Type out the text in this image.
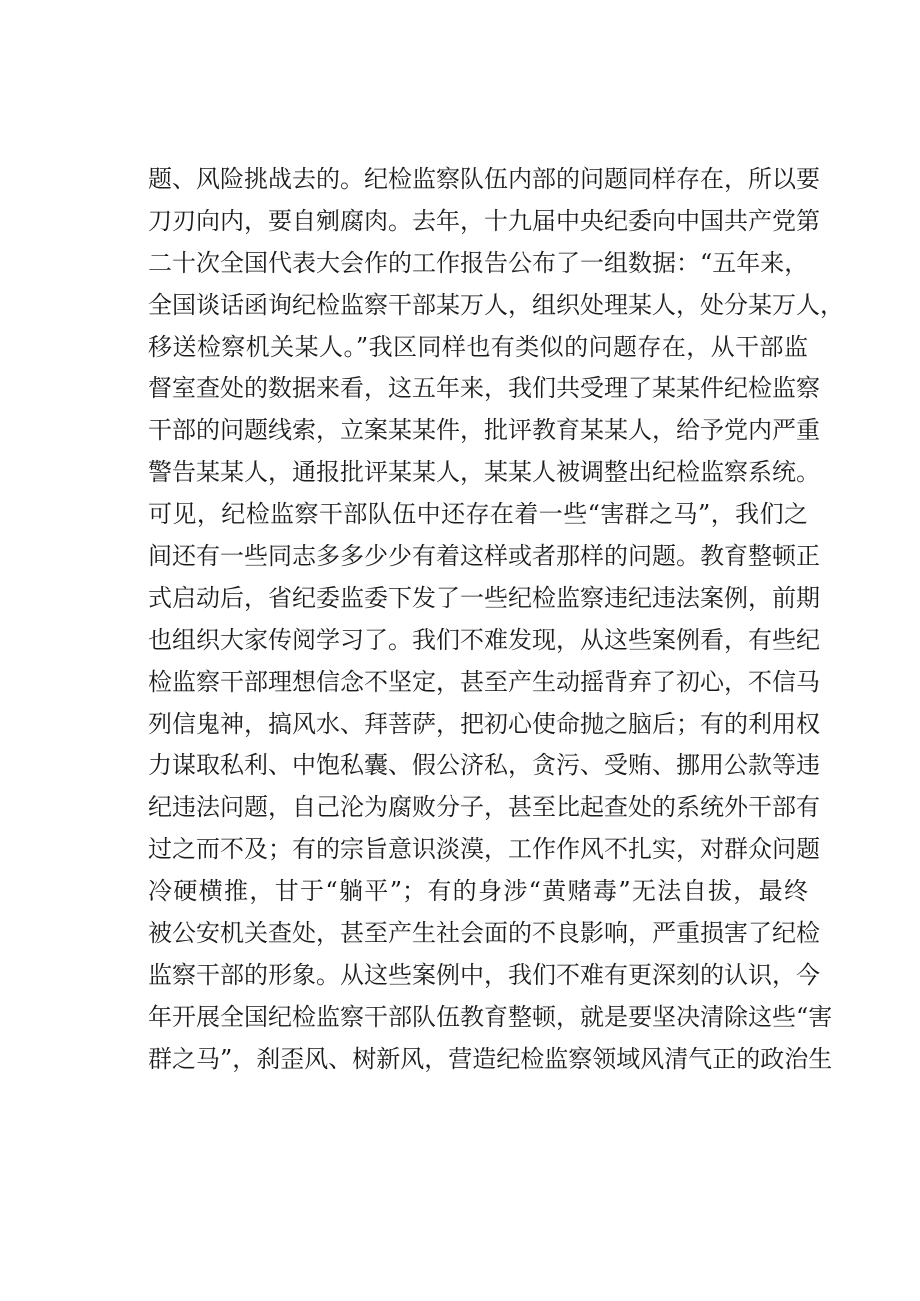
题、风险挑战去的。纪检监察队伍内部的问题同样存在，所以要
刀刃向内，要自剜腐肉。去年，十九届中央纪委向中国共产党第
二十次全国代表大会作的工作报告公布了一组数据：“五年来，
全国谈话函询纪检监察干部某万人，组织处理某人，处分某万人，
移送检察机关某人。”我区同样也有类似的问题存在，从干部监
督室查处的数据来看，这五年来，我们共受理了某某件纪检监察
干部的问题线索，立案某某件，批评教育某某人，给予党内严重
警告某某人，通报批评某某人，某某人被调整出纪检监察系统。
可见，纪检监察干部队伍中还存在着一些“害群之马”，我们之
间还有一些同志多多少少有着这样或者那样的问题。教育整顿正
式启动后，省纪委监委下发了一些纪检监察违纪违法案例，前期
也组织大家传阅学习了。我们不难发现，从这些案例看，有些纪
检监察干部理想信念不坚定，甚至产生动摇背弃了初心，不信马
列信鬼神，搞风水、拜菩萨，把初心使命抛之脑后；有的利用权
力谋取私利、中饱私囊、假公济私，贪污、受贿、挪用公款等违
纪违法问题，自己沦为腐败分子，甚至比起查处的系统外干部有
过之而不及；有的宗旨意识淡漠，工作作风不扎实，对群众问题
冷硬横推，甘于“躺平”；有的身涉“黄赌毒”无法自拔，最终
被公安机关查处，甚至产生社会面的不良影响，严重损害了纪检
监察干部的形象。从这些案例中，我们不难有更深刻的认识，今
年开展全国纪检监察干部队伍教育整顿，就是要坚决清除这些“害
群之马”，刹歪风、树新风，营造纪检监察领域风清气正的政治生
